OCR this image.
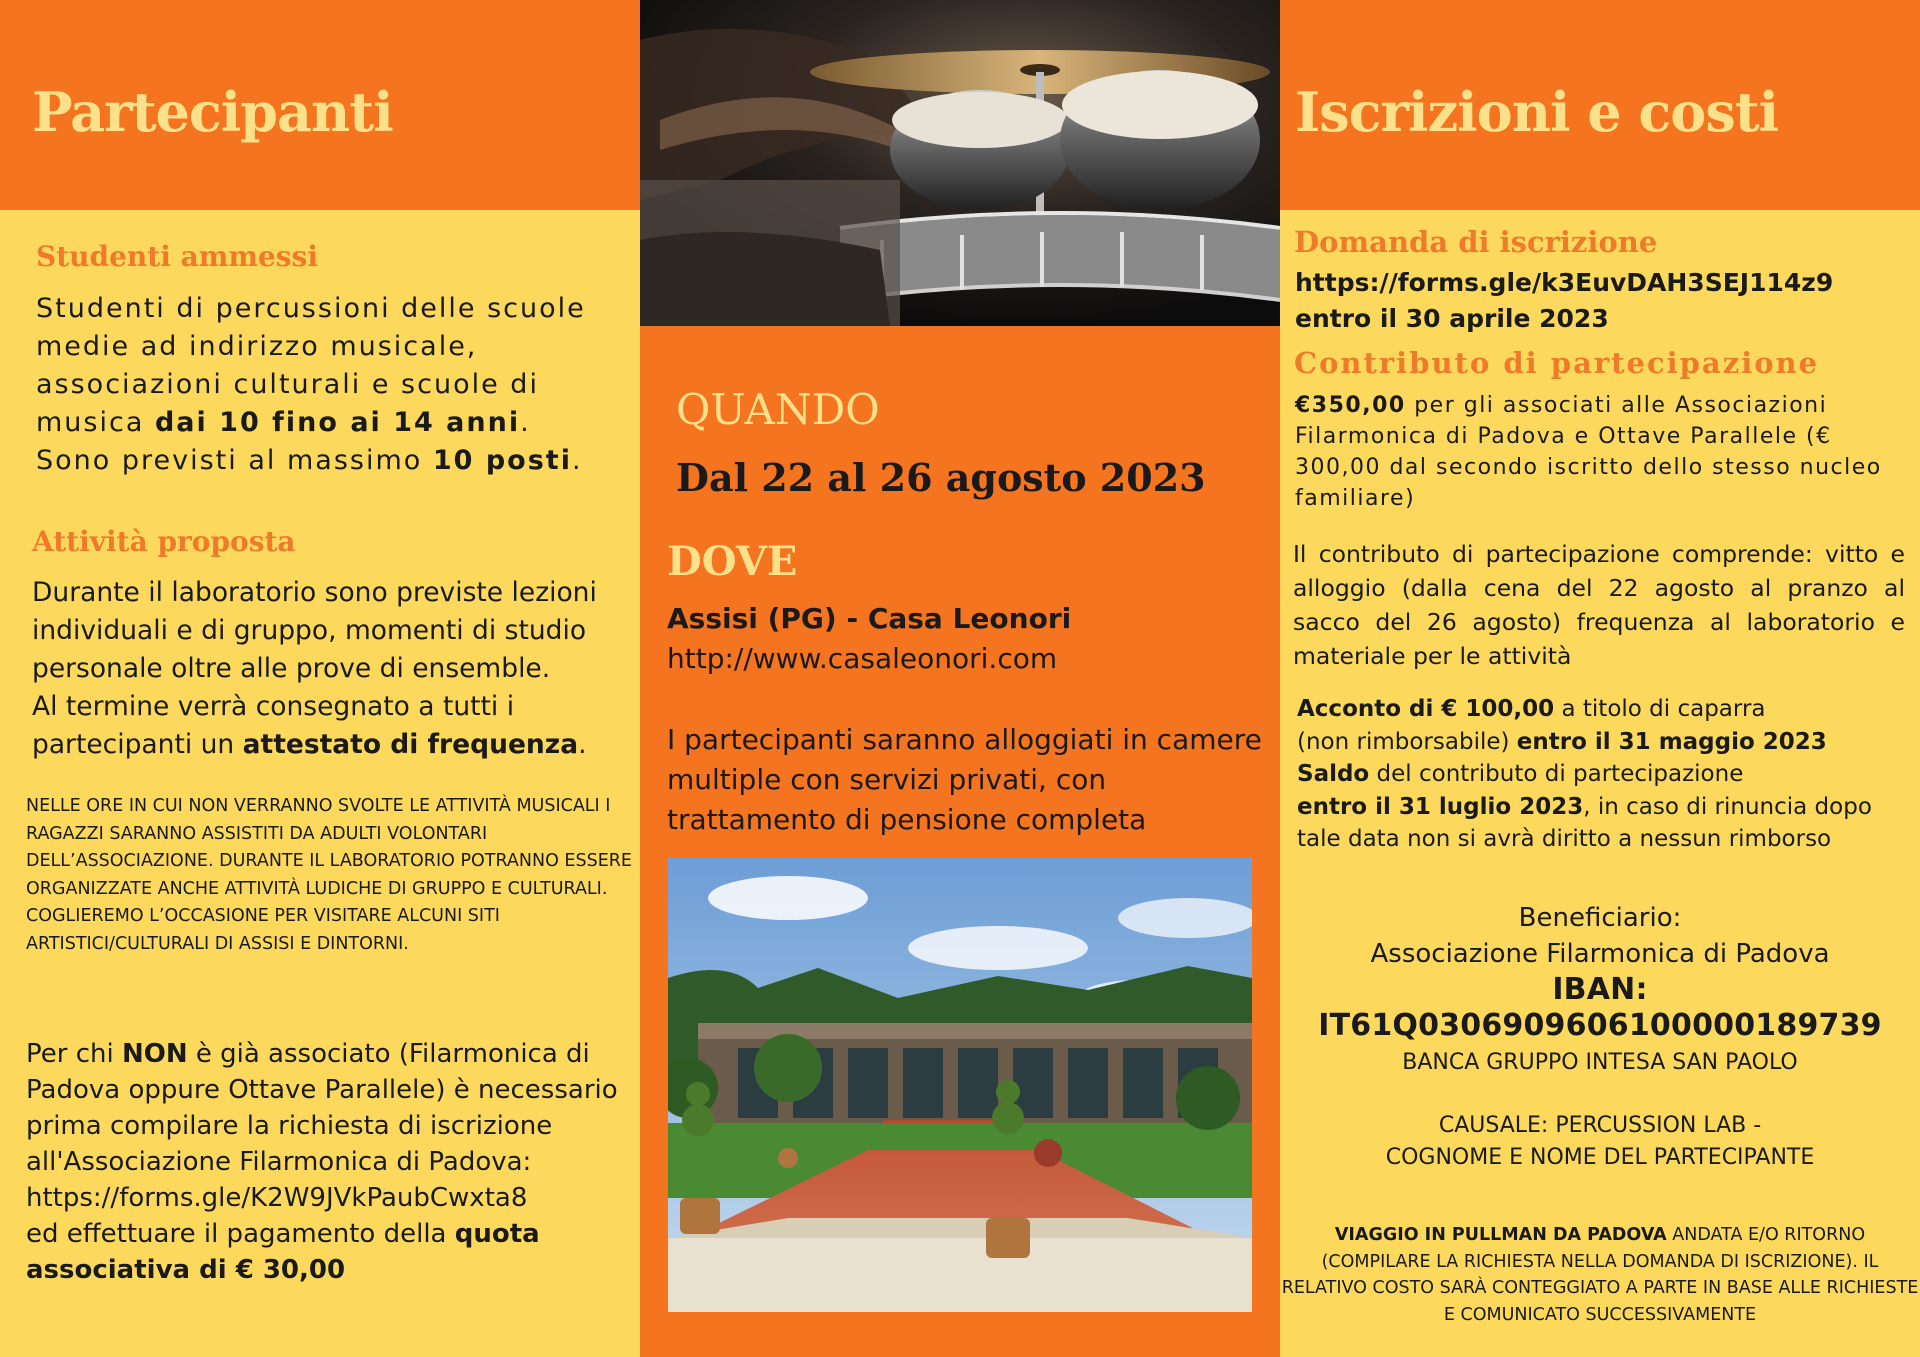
Partecipanti
Studenti ammessi

Studenti di percussioni delle scuole medie ad indirizzo musicale, associazioni culturali e scuole di musica dai 10 fino ai 14 anni.
Sono previsti al massimo 10 posti.

Attività proposta

Durante il laboratorio sono previste lezioni individuali e di gruppo, momenti di studio personale oltre alle prove di ensemble.
Al termine verrà consegnato a tutti i partecipanti un attestato di frequenza.

NELLE ORE IN CUI NON VERRANNO SVOLTE LE ATTIVITÀ MUSICALI I RAGAZZI SARANNO ASSISTITI DA ADULTI VOLONTARI DELL’ASSOCIAZIONE. DURANTE IL LABORATORIO POTRANNO ESSERE ORGANIZZATE ANCHE ATTIVITÀ LUDICHE DI GRUPPO E CULTURALI. COGLIEREMO L’OCCASIONE PER VISITARE ALCUNI SITI ARTISTICI/CULTURALI DI ASSISI E DINTORNI.

Per chi NON è già associato (Filarmonica di Padova oppure Ottave Parallele) è necessario prima compilare la richiesta di iscrizione all'Associazione Filarmonica di Padova:
https://forms.gle/K2W9JVkPaubCwxta8
ed effettuare il pagamento della quota associativa di € 30,00

QUANDO
Dal 22 al 26 agosto 2023
DOVE
Assisi (PG) - Casa Leonori
http://www.casaleonori.com

I partecipanti saranno alloggiati in camere multiple con servizi privati, con trattamento di pensione completa

Iscrizioni e costi
Domanda di iscrizione
https://forms.gle/k3EuvDAH3SEJ114z9
entro il 30 aprile 2023
Contributo di partecipazione

€350,00 per gli associati alle Associazioni Filarmonica di Padova e Ottave Parallele (€ 300,00 dal secondo iscritto dello stesso nucleo familiare)

Il contributo di partecipazione comprende: vitto e alloggio (dalla cena del 22 agosto al pranzo al sacco del 26 agosto) frequenza al laboratorio e materiale per le attività

Acconto di € 100,00 a titolo di caparra
(non rimborsabile) entro il 31 maggio 2023
Saldo del contributo di partecipazione
entro il 31 luglio 2023, in caso di rinuncia dopo tale data non si avrà diritto a nessun rimborso

Beneficiario:
Associazione Filarmonica di Padova
IBAN: IT61Q0306909606100000189739
BANCA GRUPPO INTESA SAN PAOLO
CAUSALE: PERCUSSION LAB -
COGNOME E NOME DEL PARTECIPANTE

VIAGGIO IN PULLMAN DA PADOVA ANDATA E/O RITORNO (COMPILARE LA RICHIESTA NELLA DOMANDA DI ISCRIZIONE). IL RELATIVO COSTO SARÀ CONTEGGIATO A PARTE IN BASE ALLE RICHIESTE E COMUNICATO SUCCESSIVAMENTE
